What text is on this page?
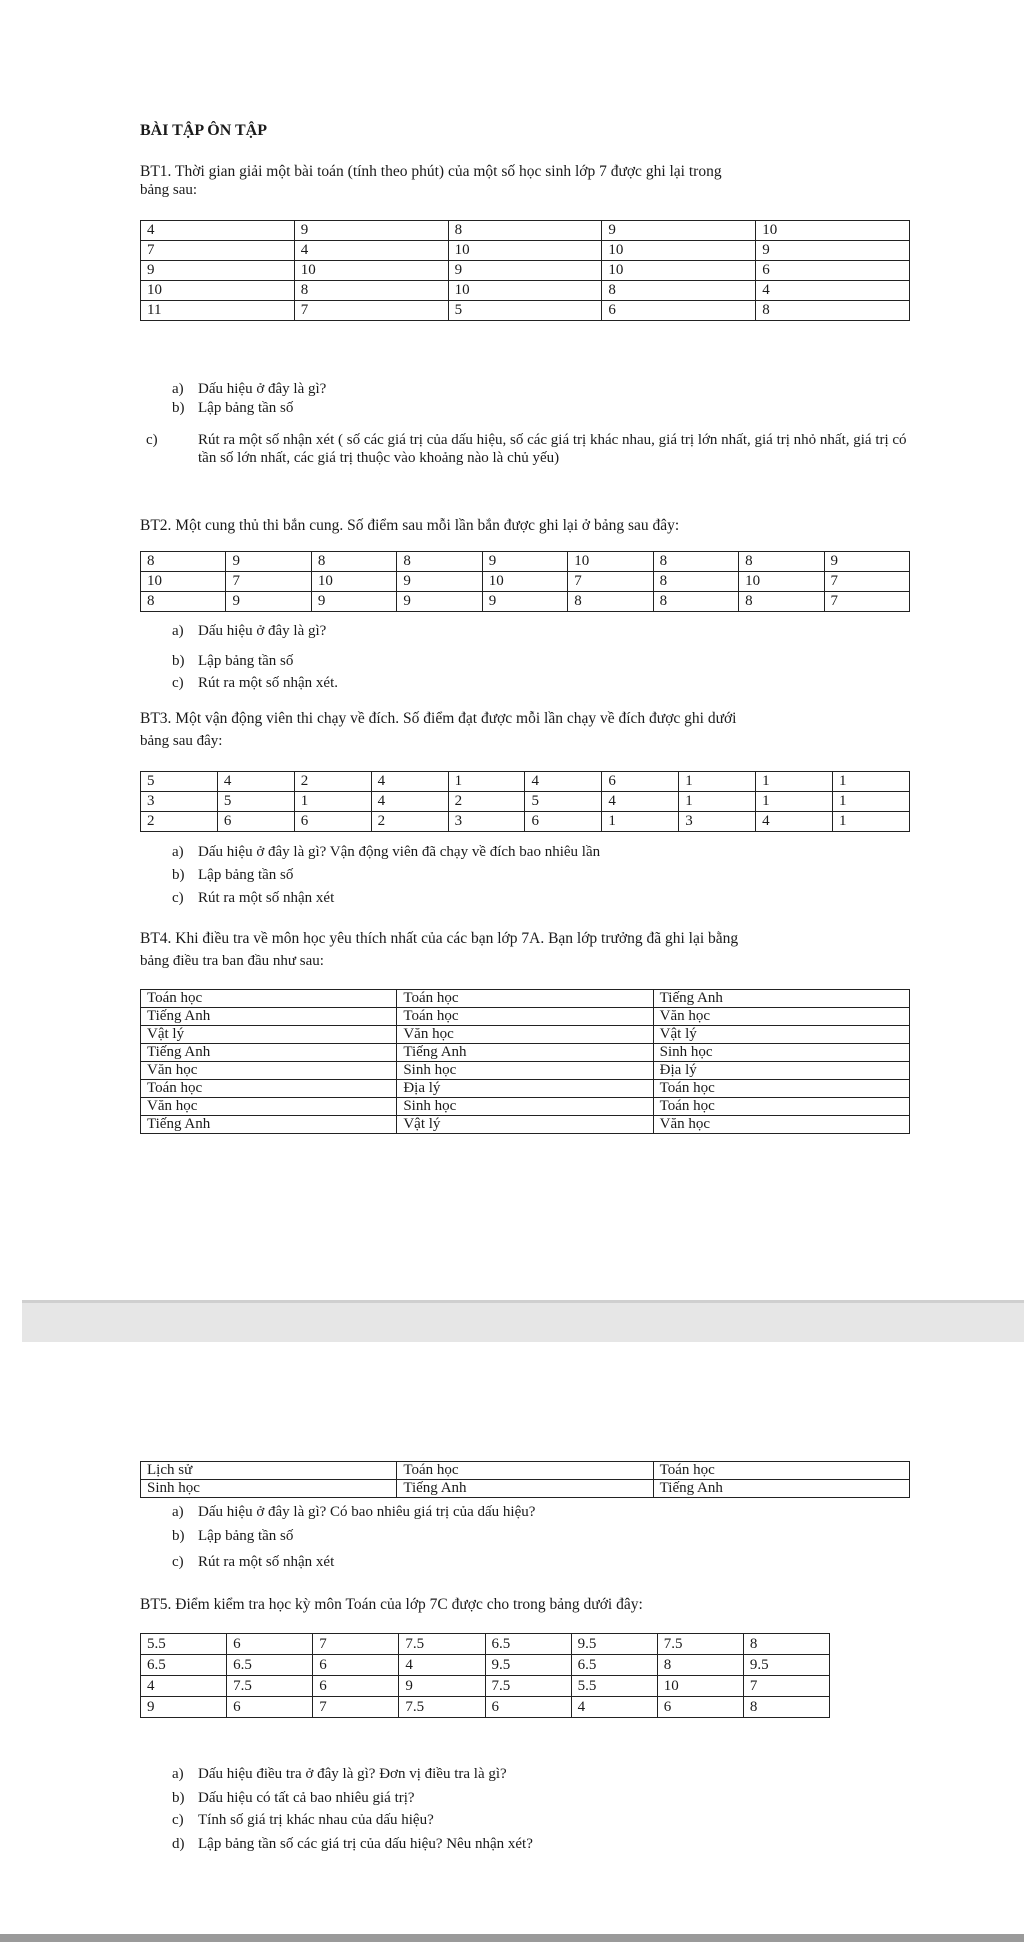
BÀI TẬP ÔN TẬP
BT1. Thời gian giải một bài toán (tính theo phút) của một số học sinh lớp 7 được ghi lại trong
bảng sau:
4	9	8	9	10
7	4	10	10	9
9	10	9	10	6
10	8	10	8	4
11	7	5	6	8
a) Dấu hiệu ở đây là gì?
b) Lập bảng tần số
c)	Rút ra một số nhận xét ( số các giá trị của dấu hiệu, số các giá trị khác nhau, giá trị lớn nhất, giá trị nhỏ nhất, giá trị có tần số lớn nhất, các giá trị thuộc vào khoảng nào là chủ yếu)
BT2. Một cung thủ thi bắn cung. Số điểm sau mỗi lần bắn được ghi lại ở bảng sau đây:
8	9	8	8	9	10	8	8	9
10	7	10	9	10	7	8	10	7
8	9	9	9	9	8	8	8	7
a) Dấu hiệu ở đây là gì?
b) Lập bảng tần số
c) Rút ra một số nhận xét.
BT3. Một vận động viên thi chạy về đích. Số điểm đạt được mỗi lần chạy về đích được ghi dưới
bảng sau đây:
5	4	2	4	1	4	6	1	1	1
3	5	1	4	2	5	4	1	1	1
2	6	6	2	3	6	1	3	4	1
a) Dấu hiệu ở đây là gì? Vận động viên đã chạy về đích bao nhiêu lần
b) Lập bảng tần số
c) Rút ra một số nhận xét
BT4. Khi điều tra về môn học yêu thích nhất của các bạn lớp 7A. Bạn lớp trưởng đã ghi lại bằng
bảng điều tra ban đầu như sau:
Toán học	Toán học	Tiếng Anh
Tiếng Anh	Toán học	Văn học
Vật lý	Văn học	Vật lý
Tiếng Anh	Tiếng Anh	Sinh học
Văn học	Sinh học	Địa lý
Toán học	Địa lý	Toán học
Văn học	Sinh học	Toán học
Tiếng Anh	Vật lý	Văn học
Lịch sử	Toán học	Toán học
Sinh học	Tiếng Anh	Tiếng Anh
a) Dấu hiệu ở đây là gì? Có bao nhiêu giá trị của dấu hiệu?
b) Lập bảng tần số
c) Rút ra một số nhận xét
BT5. Điểm kiểm tra học kỳ môn Toán của lớp 7C được cho trong bảng dưới đây:
5.5	6	7	7.5	6.5	9.5	7.5	8
6.5	6.5	6	4	9.5	6.5	8	9.5
4	7.5	6	9	7.5	5.5	10	7
9	6	7	7.5	6	4	6	8
a) Dấu hiệu điều tra ở đây là gì? Đơn vị điều tra là gì?
b) Dấu hiệu có tất cả bao nhiêu giá trị?
c) Tính số giá trị khác nhau của dấu hiệu?
d) Lập bảng tần số các giá trị của dấu hiệu? Nêu nhận xét?
